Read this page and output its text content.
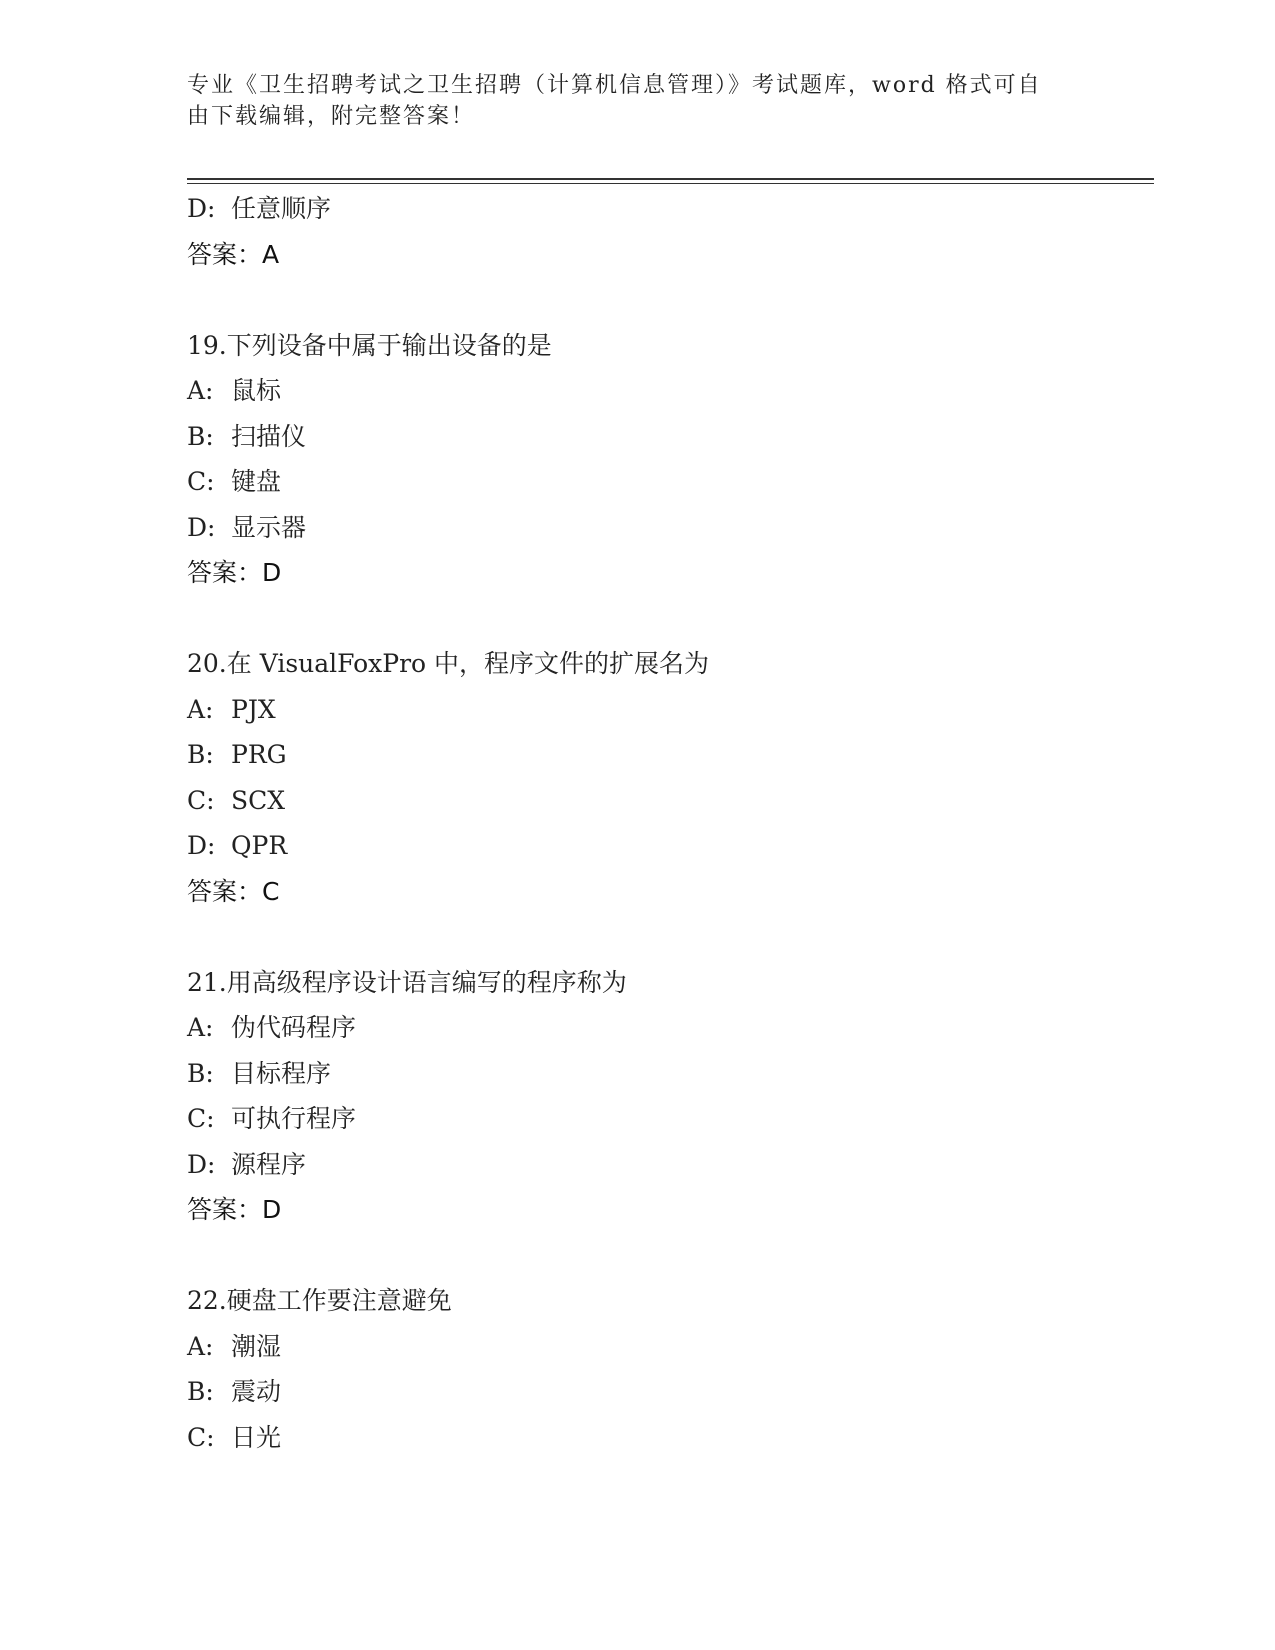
专业《卫生招聘考试之卫生招聘（计算机信息管理）》考试题库，word 格式可自
由下载编辑，附完整答案！
D: 任意顺序
答案：A
19.下列设备中属于输出设备的是
A: 鼠标
B: 扫描仪
C: 键盘
D: 显示器
答案：D
20.在 VisualFoxPro 中，程序文件的扩展名为
A: PJX
B: PRG
C: SCX
D: QPR
答案：C
21.用高级程序设计语言编写的程序称为
A: 伪代码程序
B: 目标程序
C: 可执行程序
D: 源程序
答案：D
22.硬盘工作要注意避免
A: 潮湿
B: 震动
C: 日光
